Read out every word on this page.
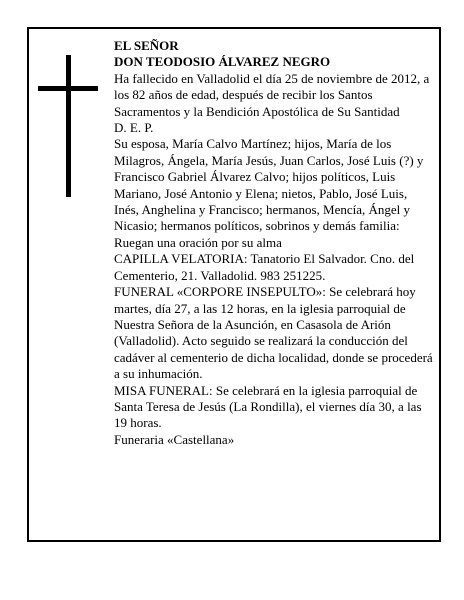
EL SEÑOR

DON TEODOSIO ÁLVAREZ NEGRO

Ha fallecido en Valladolid el día 25 de noviembre de 2012, a los 82 años de edad, después de recibir los Santos Sacramentos y la Bendición Apostólica de Su Santidad

D. E. P.

Su esposa, María Calvo Martínez; hijos, María de los Milagros, Ángela, María Jesús, Juan Carlos, José Luis (?) y Francisco Gabriel Álvarez Calvo; hijos políticos, Luis Mariano, José Antonio y Elena; nietos, Pablo, José Luis, Inés, Anghelina y Francisco; hermanos, Mencía, Ángel y Nicasio; hermanos políticos, sobrinos y demás familia:

Ruegan una oración por su alma

CAPILLA VELATORIA: Tanatorio El Salvador. Cno. del Cementerio, 21. Valladolid. 983 251225.

FUNERAL «CORPORE INSEPULTO»: Se celebrará hoy martes, día 27, a las 12 horas, en la iglesia parroquial de Nuestra Señora de la Asunción, en Casasola de Arión (Valladolid). Acto seguido se realizará la conducción del cadáver al cementerio de dicha localidad, donde se procederá a su inhumación.

MISA FUNERAL: Se celebrará en la iglesia parroquial de Santa Teresa de Jesús (La Rondilla), el viernes día 30, a las 19 horas.

Funeraria «Castellana»
